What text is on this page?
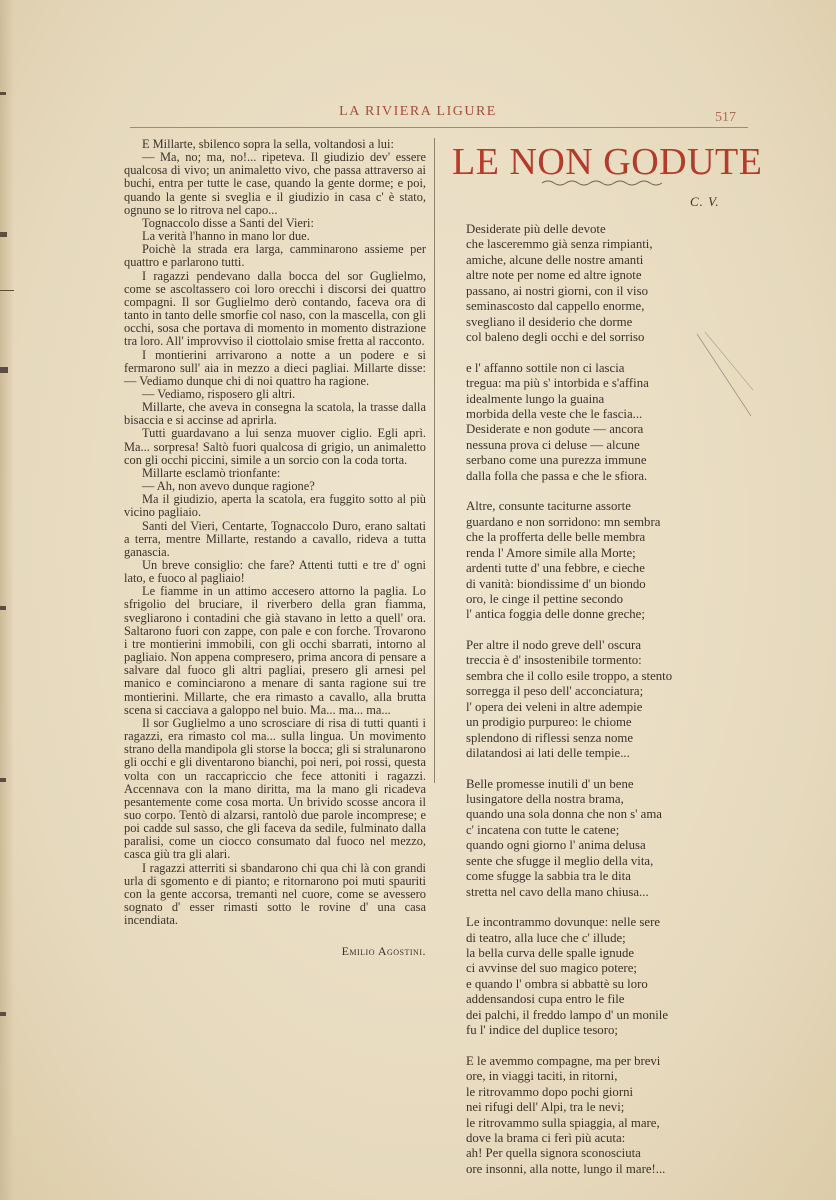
LA RIVIERA LIGURE	517

E Millarte, sbilenco sopra la sella, voltandosi a lui:

— Ma, no; ma, no!... ripeteva. Il giudizio dev' essere qualcosa di vivo; un animaletto vivo, che passa attraverso ai buchi, entra per tutte le case, quando la gente dorme; e poi, quando la gente si sveglia e il giudizio in casa c' è stato, ognuno se lo ritrova nel capo...

Tognaccolo disse a Santi del Vieri:

La verità l'hanno in mano lor due.

Poichè la strada era larga, camminarono assieme per quattro e parlarono tutti.

I ragazzi pendevano dalla bocca del sor Guglielmo, come se ascoltassero coi loro orecchi i discorsi dei quattro compagni. Il sor Guglielmo derò contando, faceva ora di tanto in tanto delle smorfie col naso, con la mascella, con gli occhi, sosa che portava di momento in momento distrazione tra loro. All' improvviso il ciottolaio smise fretta al racconto.

I montierini arrivarono a notte a un podere e si fermarono sull' aia in mezzo a dieci pagliai. Millarte disse: — Vediamo dunque chi di noi quattro ha ragione.

— Vediamo, risposero gli altri.

Millarte, che aveva in consegna la scatola, la trasse dalla bisaccia e si accinse ad aprirla.

Tutti guardavano a lui senza muover ciglio. Egli aprì. Ma... sorpresa! Saltò fuori qualcosa di grigio, un animaletto con gli occhi piccini, simile a un sorcio con la coda torta.

Millarte esclamò trionfante:

— Ah, non avevo dunque ragione?

Ma il giudizio, aperta la scatola, era fuggito sotto al più vicino pagliaio.

Santi del Vieri, Centarte, Tognaccolo Duro, erano saltati a terra, mentre Millarte, restando a cavallo, rideva a tutta ganascia.

Un breve consiglio: che fare? Attenti tutti e tre d' ogni lato, e fuoco al pagliaio!

Le fiamme in un attimo accesero attorno la paglia. Lo sfrigolio del bruciare, il riverbero della gran fiamma, svegliarono i contadini che già stavano in letto a quell' ora. Saltarono fuori con zappe, con pale e con forche. Trovarono i tre montierini immobili, con gli occhi sbarrati, intorno al pagliaio. Non appena compresero, prima ancora di pensare a salvare dal fuoco gli altri pagliai, presero gli arnesi pel manico e cominciarono a menare di santa ragione sui tre montierini. Millarte, che era rimasto a cavallo, alla brutta scena si cacciava a galoppo nel buio. Ma... ma... ma...

Il sor Guglielmo a uno scrosciare di risa di tutti quanti i ragazzi, era rimasto col ma... sulla lingua. Un movimento strano della mandipola gli storse la bocca; gli si stralunarono gli occhi e gli diventarono bianchi, poi neri, poi rossi, questa volta con un raccapriccio che fece attoniti i ragazzi. Accennava con la mano diritta, ma la mano gli ricadeva pesantemente come cosa morta. Un brivido scosse ancora il suo corpo. Tentò di alzarsi, rantolò due parole incomprese; e poi cadde sul sasso, che gli faceva da sedile, fulminato dalla paralisi, come un ciocco consumato dal fuoco nel mezzo, casca giù tra gli alari.

I ragazzi atterriti si sbandarono chi qua chi là con grandi urla di sgomento e di pianto; e ritornarono poi muti spauriti con la gente accorsa, tremanti nel cuore, come se avessero sognato d' esser rimasti sotto le rovine d' una casa incendiata.

Emilio Agostini.
LE NON GODUTE
C. V.
Desiderate più delle devote
che lasceremmo già senza rimpianti,
amiche, alcune delle nostre amanti
altre note per nome ed altre ignote
passano, ai nostri giorni, con il viso
seminascosto dal cappello enorme,
svegliano il desiderio che dorme
col baleno degli occhi e del sorriso
e l' affanno sottile non ci lascia
tregua: ma più s' intorbida e s'affina
idealmente lungo la guaina
morbida della veste che le fascia...
Desiderate e non godute — ancora
nessuna prova ci deluse — alcune
serbano come una purezza immune
dalla folla che passa e che le sfiora.
Altre, consunte taciturne assorte
guardano e non sorridono: mn sembra
che la profferta delle belle membra
renda l' Amore simile alla Morte;
ardenti tutte d' una febbre, e cieche
di vanità: biondissime d' un biondo
oro, le cinge il pettine secondo
l' antica foggia delle donne greche;
Per altre il nodo greve dell' oscura
treccia è d' insostenibile tormento:
sembra che il collo esile troppo, a stento
sorregga il peso dell' acconciatura;
l' opera dei veleni in altre adempie
un prodigio purpureo: le chiome
splendono di riflessi senza nome
dilatandosi ai lati delle tempie...
Belle promesse inutili d' un bene
lusingatore della nostra brama,
quando una sola donna che non s' ama
c' incatena con tutte le catene;
quando ogni giorno l' anima delusa
sente che sfugge il meglio della vita,
come sfugge la sabbia tra le dita
stretta nel cavo della mano chiusa...
Le incontrammo dovunque: nelle sere
di teatro, alla luce che c' illude;
la bella curva delle spalle ignude
ci avvinse del suo magico potere;
e quando l' ombra si abbattè su loro
addensandosi cupa entro le file
dei palchi, il freddo lampo d' un monile
fu l' indice del duplice tesoro;
E le avemmo compagne, ma per brevi
ore, in viaggi taciti, in ritorni,
le ritrovammo dopo pochi giorni
nei rifugi dell' Alpi, tra le nevi;
le ritrovammo sulla spiaggia, al mare,
dove la brama ci ferì più acuta:
ah! Per quella signora sconosciuta
ore insonni, alla notte, lungo il mare!...
